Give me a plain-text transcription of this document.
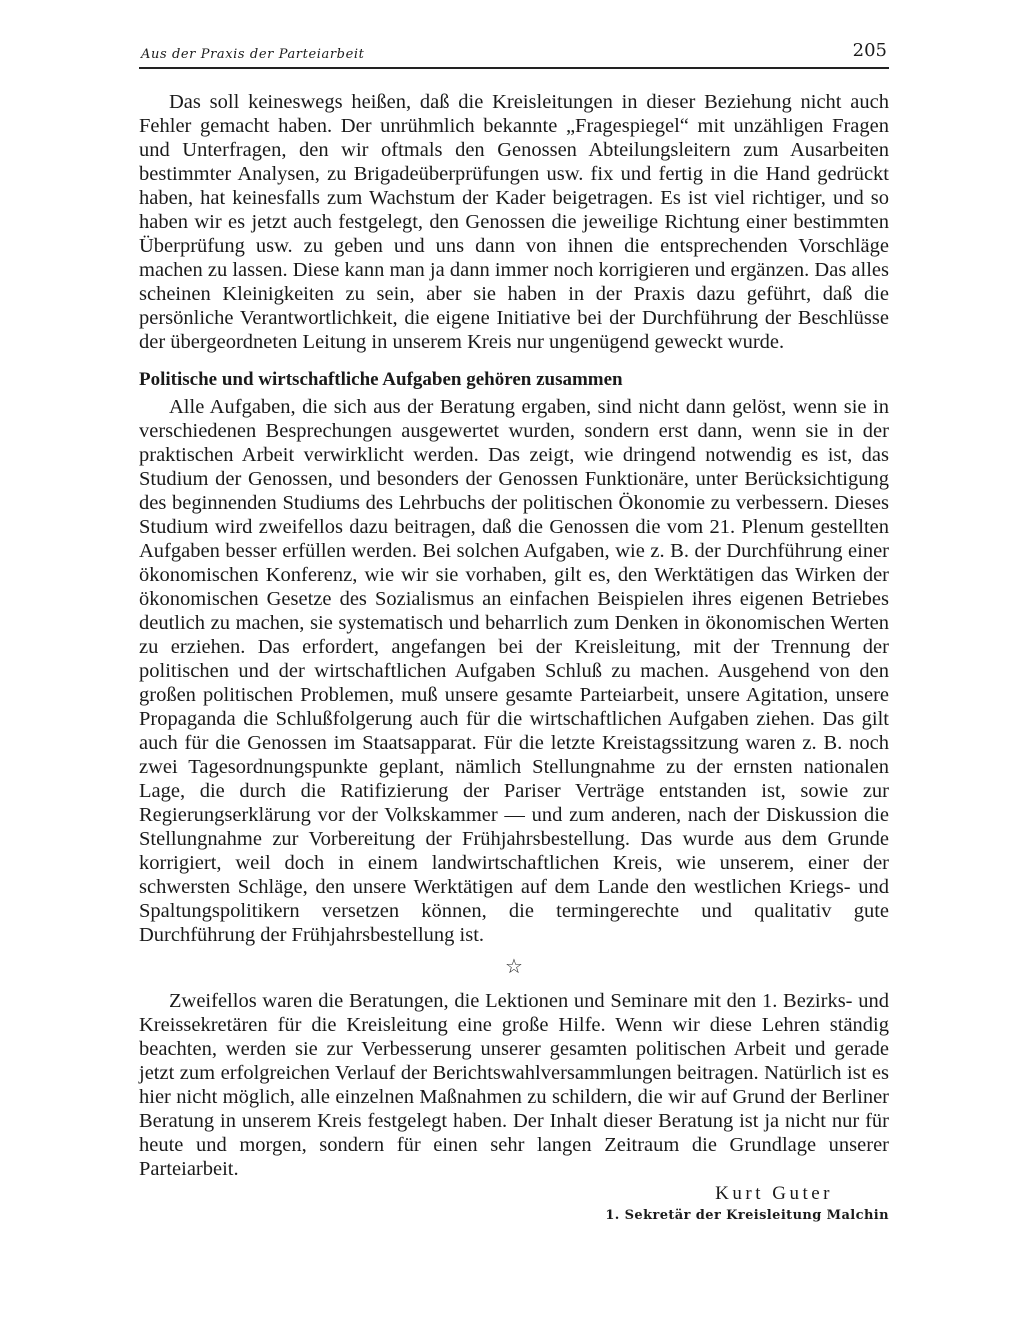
Aus der Praxis der Parteiarbeit	205

Das soll keineswegs heißen, daß die Kreisleitungen in dieser Beziehung nicht auch Fehler gemacht haben. Der unrühmlich bekannte „Fragespiegel“ mit unzähligen Fragen und Unterfragen, den wir oftmals den Genossen Abteilungsleitern zum Ausarbeiten bestimmter Analysen, zu Brigadeüberprüfungen usw. fix und fertig in die Hand gedrückt haben, hat keinesfalls zum Wachstum der Kader beigetragen. Es ist viel richtiger, und so haben wir es jetzt auch festgelegt, den Genossen die jeweilige Richtung einer bestimmten Überprüfung usw. zu geben und uns dann von ihnen die entsprechenden Vorschläge machen zu lassen. Diese kann man ja dann immer noch korrigieren und ergänzen. Das alles scheinen Kleinigkeiten zu sein, aber sie haben in der Praxis dazu geführt, daß die persönliche Verantwortlichkeit, die eigene Initiative bei der Durchführung der Beschlüsse der übergeordneten Leitung in unserem Kreis nur ungenügend geweckt wurde.

Politische und wirtschaftliche Aufgaben gehören zusammen

Alle Aufgaben, die sich aus der Beratung ergaben, sind nicht dann gelöst, wenn sie in verschiedenen Besprechungen ausgewertet wurden, sondern erst dann, wenn sie in der praktischen Arbeit verwirklicht werden. Das zeigt, wie dringend notwendig es ist, das Studium der Genossen, und besonders der Genossen Funktionäre, unter Berücksichtigung des beginnenden Studiums des Lehrbuchs der politischen Ökonomie zu verbessern. Dieses Studium wird zweifellos dazu beitragen, daß die Genossen die vom 21. Plenum gestellten Aufgaben besser erfüllen werden. Bei solchen Aufgaben, wie z. B. der Durchführung einer ökonomischen Konferenz, wie wir sie vorhaben, gilt es, den Werktätigen das Wirken der ökonomischen Gesetze des Sozialismus an einfachen Beispielen ihres eigenen Betriebes deutlich zu machen, sie systematisch und beharrlich zum Denken in ökonomischen Werten zu erziehen. Das erfordert, angefangen bei der Kreisleitung, mit der Trennung der politischen und der wirtschaftlichen Aufgaben Schluß zu machen. Ausgehend von den großen politischen Problemen, muß unsere gesamte Parteiarbeit, unsere Agitation, unsere Propaganda die Schlußfolgerung auch für die wirtschaftlichen Aufgaben ziehen. Das gilt auch für die Genossen im Staatsapparat. Für die letzte Kreistagssitzung waren z. B. noch zwei Tagesordnungspunkte geplant, nämlich Stellungnahme zu der ernsten nationalen Lage, die durch die Ratifizierung der Pariser Verträge entstanden ist, sowie zur Regierungserklärung vor der Volkskammer — und zum anderen, nach der Diskussion die Stellungnahme zur Vorbereitung der Frühjahrsbestellung. Das wurde aus dem Grunde korrigiert, weil doch in einem landwirtschaftlichen Kreis, wie unserem, einer der schwersten Schläge, den unsere Werktätigen auf dem Lande den westlichen Kriegs- und Spaltungspolitikern versetzen können, die termingerechte und qualitativ gute Durchführung der Frühjahrsbestellung ist.

☆

Zweifellos waren die Beratungen, die Lektionen und Seminare mit den 1. Bezirks- und Kreissekretären für die Kreisleitung eine große Hilfe. Wenn wir diese Lehren ständig beachten, werden sie zur Verbesserung unserer gesamten politischen Arbeit und gerade jetzt zum erfolgreichen Verlauf der Berichtswahlversammlungen beitragen. Natürlich ist es hier nicht möglich, alle einzelnen Maßnahmen zu schildern, die wir auf Grund der Berliner Beratung in unserem Kreis festgelegt haben. Der Inhalt dieser Beratung ist ja nicht nur für heute und morgen, sondern für einen sehr langen Zeitraum die Grundlage unserer Parteiarbeit.

Kurt Guter
1. Sekretär der Kreisleitung Malchin
